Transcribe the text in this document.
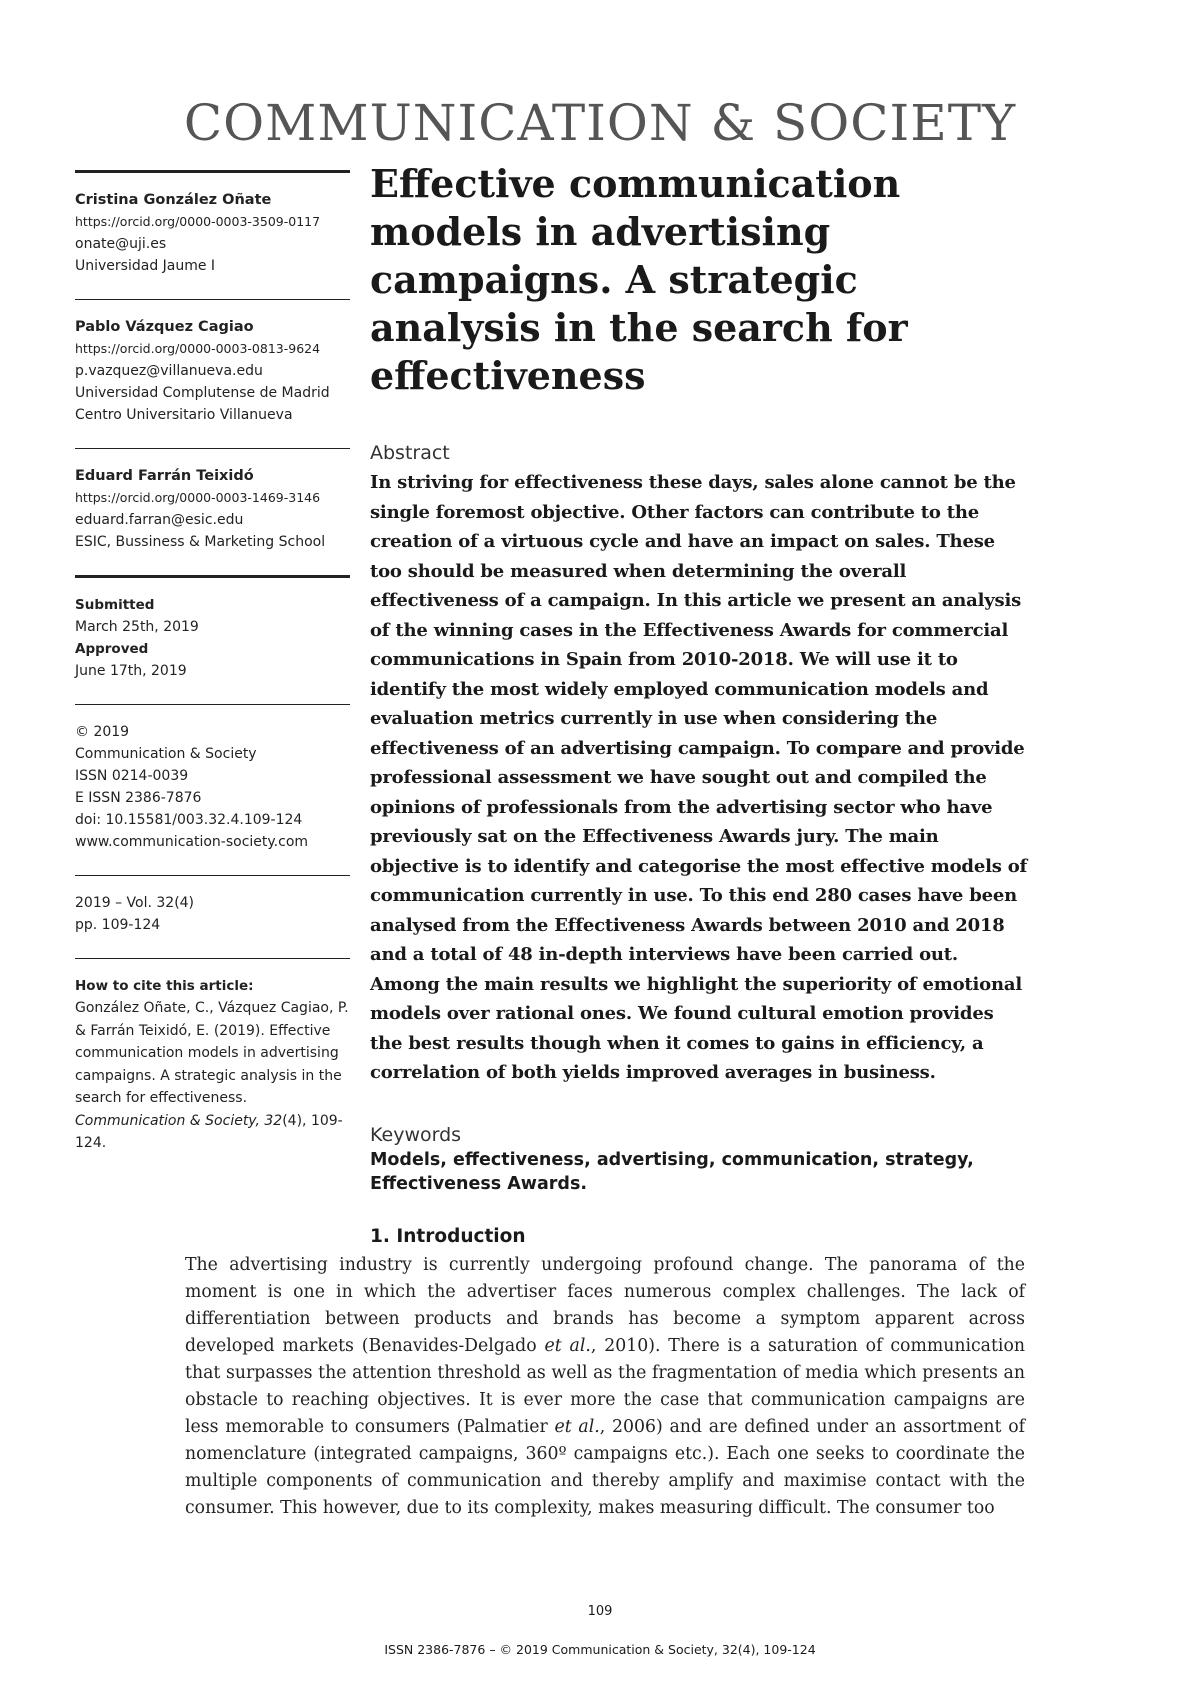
COMMUNICATION & SOCIETY
Cristina González Oñate
https://orcid.org/0000-0003-3509-0117
onate@uji.es
Universidad Jaume I
Pablo Vázquez Cagiao
https://orcid.org/0000-0003-0813-9624
p.vazquez@villanueva.edu
Universidad Complutense de Madrid
Centro Universitario Villanueva
Eduard Farrán Teixidó
https://orcid.org/0000-0003-1469-3146
eduard.farran@esic.edu
ESIC, Bussiness & Marketing School
Submitted
March 25th, 2019
Approved
June 17th, 2019
© 2019
Communication & Society
ISSN 0214-0039
E ISSN 2386-7876
doi: 10.15581/003.32.4.109-124
www.communication-society.com
2019 – Vol. 32(4)
pp. 109-124
How to cite this article:
González Oñate, C., Vázquez Cagiao, P. & Farrán Teixidó, E. (2019). Effective communication models in advertising campaigns. A strategic analysis in the search for effectiveness. Communication & Society, 32(4), 109-124.
Effective communication models in advertising campaigns. A strategic analysis in the search for effectiveness
Abstract

In striving for effectiveness these days, sales alone cannot be the single foremost objective. Other factors can contribute to the creation of a virtuous cycle and have an impact on sales. These too should be measured when determining the overall effectiveness of a campaign. In this article we present an analysis of the winning cases in the Effectiveness Awards for commercial communications in Spain from 2010-2018. We will use it to identify the most widely employed communication models and evaluation metrics currently in use when considering the effectiveness of an advertising campaign. To compare and provide professional assessment we have sought out and compiled the opinions of professionals from the advertising sector who have previously sat on the Effectiveness Awards jury. The main objective is to identify and categorise the most effective models of communication currently in use. To this end 280 cases have been analysed from the Effectiveness Awards between 2010 and 2018 and a total of 48 in-depth interviews have been carried out. Among the main results we highlight the superiority of emotional models over rational ones. We found cultural emotion provides the best results though when it comes to gains in efficiency, a correlation of both yields improved averages in business.

Keywords
Models, effectiveness, advertising, communication, strategy, Effectiveness Awards.
1. Introduction
The advertising industry is currently undergoing profound change. The panorama of the moment is one in which the advertiser faces numerous complex challenges. The lack of differentiation between products and brands has become a symptom apparent across developed markets (Benavides-Delgado et al., 2010). There is a saturation of communication that surpasses the attention threshold as well as the fragmentation of media which presents an obstacle to reaching objectives. It is ever more the case that communication campaigns are less memorable to consumers (Palmatier et al., 2006) and are defined under an assortment of nomenclature (integrated campaigns, 360º campaigns etc.). Each one seeks to coordinate the multiple components of communication and thereby amplify and maximise contact with the consumer. This however, due to its complexity, makes measuring difficult. The consumer too
109
ISSN 2386-7876 – © 2019 Communication & Society, 32(4), 109-124
